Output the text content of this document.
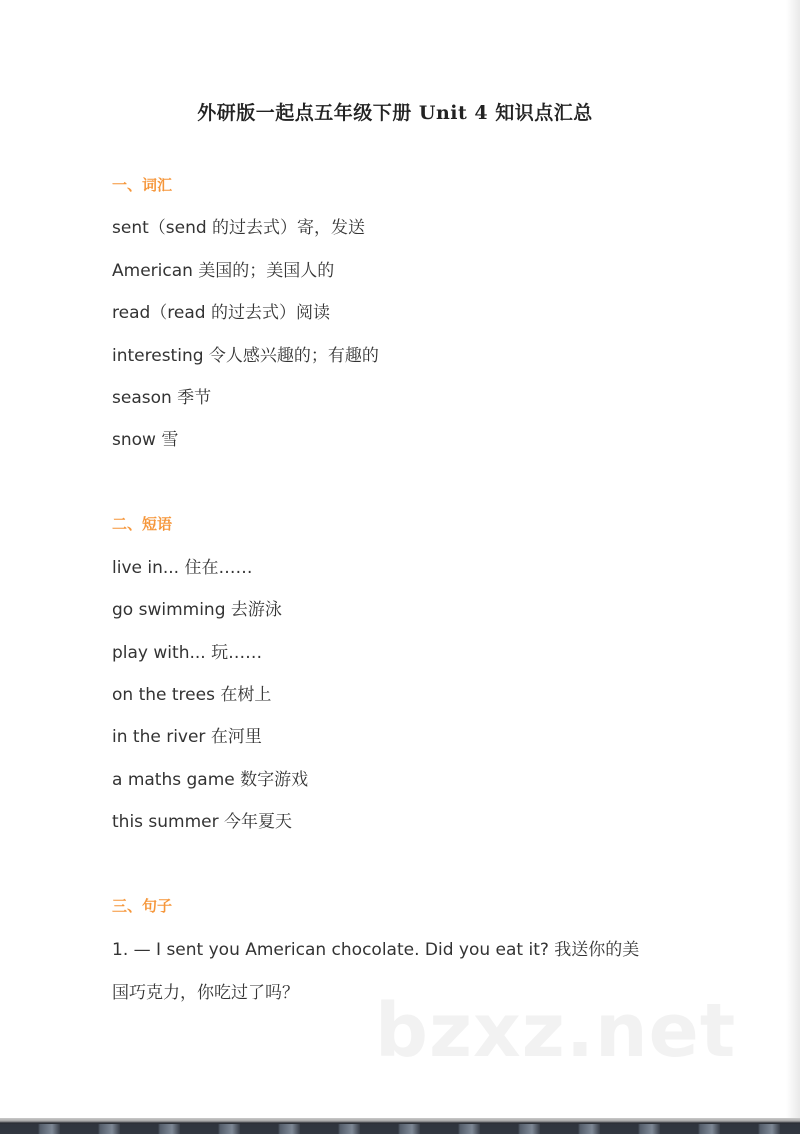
外研版一起点五年级下册 Unit 4 知识点汇总
一、词汇
sent（send 的过去式）寄，发送
American 美国的；美国人的
read（read 的过去式）阅读
interesting 令人感兴趣的；有趣的
season 季节
snow 雪
二、短语
live in... 住在……
go swimming 去游泳
play with... 玩……
on the trees 在树上
in the river 在河里
a maths game 数字游戏
this summer 今年夏天
三、句子
1. — I sent you American chocolate. Did you eat it? 我送你的美
国巧克力，你吃过了吗？ bzxz.net
